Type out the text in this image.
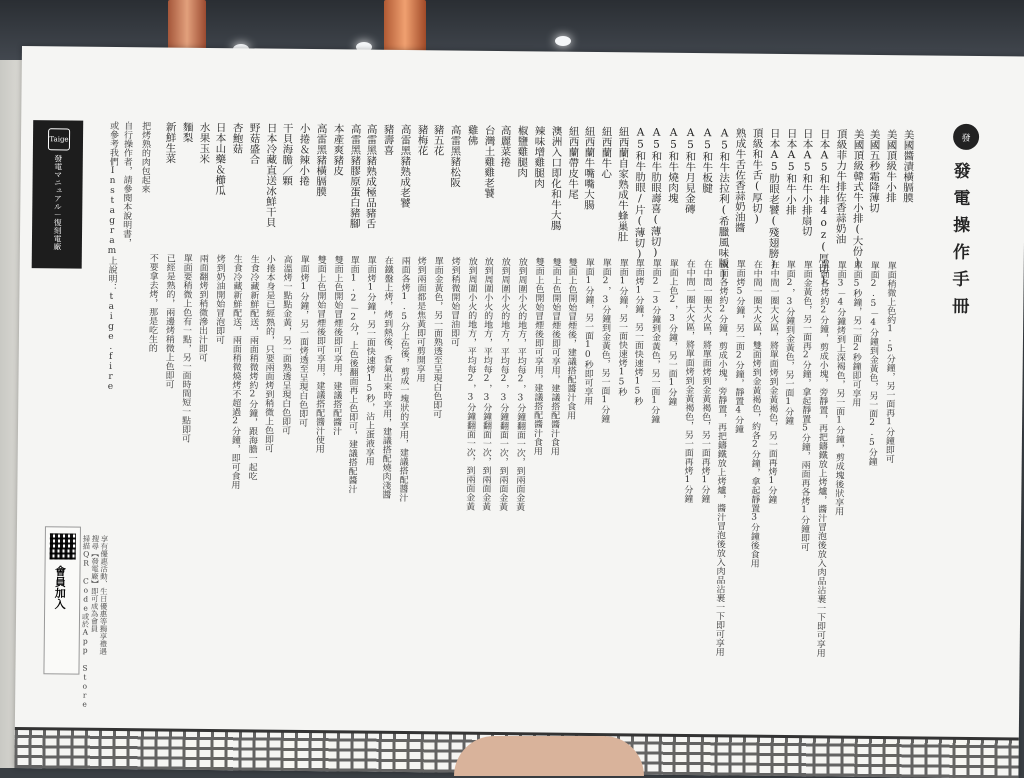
發
發電操作手冊
美國醬漬橫膈膜
單面稍微上色約1.5分鐘，另一面再1分鐘即可
美國頂級牛小排
單面2.5－4分鐘到金黃色，另一面2.5分鐘
美國五秒霜降薄切
單面5秒鐘，另一面2秒鐘即可享用
美國頂級韓式牛小排(大份)
單面3－4分鐘烤到上深褐色，另一面1分鐘，剪成塊後狀享用
頂級菲力牛排佐香蒜奶油
單面各烤約2分鐘，剪成小塊，旁靜置，再把鑄鐵放上烤爐，醬汁冒泡後放入肉品沾裹一下即可享用
日本A5和牛排4oz(厚切)
單面金黃色，另一面再2分鐘，拿起靜置5分鐘，兩面再各烤1分鐘即可
日本A5和牛小排扇切
單面2，3分鐘到金黃色，另一面1分鐘
日本A5和牛小排
在中間一圈大火區，將單面烤到金黃褐色，另一面再烤1分鐘
日本A5肋眼老饕(殘翅膀)
在中間一圈大火區，雙面烤到金黃褐色，約各2分鐘，拿起靜置3分鐘後食用
頂級和牛舌(厚切)
單面烤5分鐘，另一面2分鐘，靜置4分鐘
熟成牛舌佐香蒜奶油醬
兩面各烤約2分鐘，剪成小塊，旁靜置，再把鑄鐵放上烤爐，醬汁冒泡後放入肉品沾裹一下即可享用
A5和牛法拉利(希臘風味版)
在中間一圈大火區，將單面烤到金黃褐色，另一面再烤1分鐘
A5和牛板腱
在中間一圈大火區，將單面烤到金黃褐色，另一面再烤1分鐘
A5和牛月見金磚
單面上色2，3分鐘，另一面1分鐘
A5和牛燒肉塊
單面2－3分鐘到金黃色，另一面1分鐘
A5和牛肋眼壽喜(薄切)
單面烤1分鐘，另一面快速烤15秒
A5和牛肋眼/片(薄切)
單面1分鐘，另一面快速烤15秒
紐西蘭自家熟成牛蜂巢肚
單面2，3分鐘到金黃色，另一面1分鐘
紐西蘭牛心
單面1分鐘，另一面10秒即可享用
紐西蘭牛嘴嘴大腸
雙面上色開始冒煙後，建議搭配醬汁食用
紐西蘭帶皮牛尾
雙面上色開始冒煙後即可享用，建議搭配醬汁食用
澳洲入口即化和牛大腸
雙面上色開始冒煙後即可享用，建議搭配醬汁食用
辣味增雞腿肉
放到周圍小火的地方，平均每2，3分鐘翻面一次，到兩面金黃
椒鹽雞腿肉
放到周圍小火的地方，平均每2，3分鐘翻面一次，到兩面金黃
高麗菜捲
放到周圍小火的地方，平均每2，3分鐘翻面一次，到兩面金黃
台灣土雞雞老饕
放到周圍小火的地方，平均每2，3分鐘翻面一次，到兩面金黃
雞佛
烤到稍微開始冒油即可
高雷黑豬松阪
單面金黃色，另一面熟透至呈現白色即可
豬五花
烤到兩面都是焦黃即可剪開享用
豬梅花
兩面各烤1.5分上色後，剪成一塊狀的享用，建議搭配醬汁
高雷黑豬熟成老饕
在鐵盤上烤，烤到熱後，香氣出來時享用，建議搭配燒肉淺醬
豬壽喜
單面烤1分鐘，另一面快速烤15秒，沾上蛋液享用
高雷黑豬熟成極品豬舌
單面1.2－2分，上色後翻面再上色即可，建議搭配醬汁
高雷黑豬膠原蛋白豬腳
雙面上色開始冒煙後即可享用，建議搭配醬汁
本產爽豬皮
雙面上色開始冒煙後即可享用，建議搭配醬汁使用
高雷黑豬橫膈膜
單面烤1分鐘，另一面烤透至呈現白色即可
小捲＆辣小捲
高溫烤一點點金黃，另一面熟透呈現白色即可
干貝海膽／顆
小捲本身是已經熟的，只要兩面烤到稍微上色即可
日本冷藏直送冰鮮干貝
生食冷藏新鮮配送，兩面稍微烤約2分鐘，跟海膽一起吃
野菇盛合
生食冷藏新鮮配送，兩面稍微燒烤不超過2分鐘，即可食用
杏鮑菇
烤到奶油開始冒泡即可
日本山藥＆櫛瓜
兩面翻烤到稍微滲出汁即可
水果玉米
單面要稍微上色有一點，另一面時間短一點即可
麵梨
已經是熟的，兩邊烤稍微上色即可
新鮮生菜
不要拿去烤，那是吃生的
把烤熟的肉包起來
自行操作者，請參閱本說明書，
或參考我們Instagram上說明：taige.fire
Taige
發電マニュアル－復刻電廠
會員加入 掃描QR Code或於App Store
搜尋【發電廠】即可成為會員
享有優惠活動、生日優惠等獨享禮遇
